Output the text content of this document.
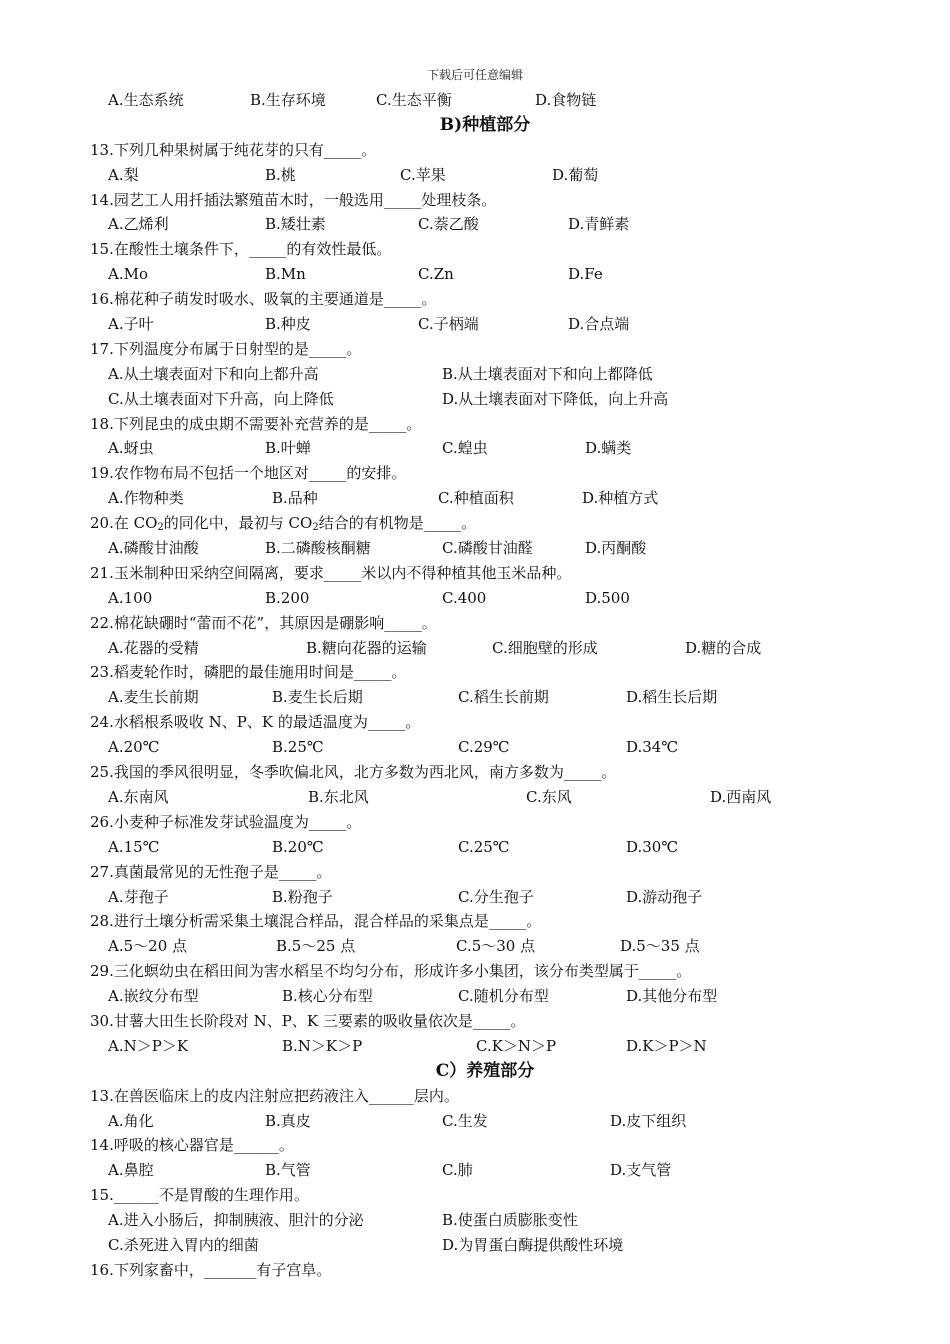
下载后可任意编辑
A.生态系统	B.生存环境	C.生态平衡	D.食物链
B)种植部分
13.下列几种果树属于纯花芽的只有_____。
A.梨	B.桃	C.苹果	D.葡萄
14.园艺工人用扦插法繁殖苗木时，一般选用_____处理枝条。
A.乙烯利	B.矮壮素	C.萘乙酸	D.青鲜素
15.在酸性土壤条件下，_____的有效性最低。
A.Mo	B.Mn	C.Zn	D.Fe
16.棉花种子萌发时吸水、吸氧的主要通道是_____。
A.子叶	B.种皮	C.子柄端	D.合点端
17.下列温度分布属于日射型的是_____。
A.从土壤表面对下和向上都升高	B.从土壤表面对下和向上都降低
C.从土壤表面对下升高，向上降低	D.从土壤表面对下降低，向上升高
18.下列昆虫的成虫期不需要补充营养的是_____。
A.蚜虫	B.叶蝉	C.蝗虫	D.螨类
19.农作物布局不包括一个地区对_____的安排。
A.作物种类	B.品种	C.种植面积	D.种植方式
20.在 $CO_2$的同化中，最初与 $CO_2$结合的有机物是_____。
A.磷酸甘油酸	B.二磷酸核酮糖	C.磷酸甘油醛	D.丙酮酸
21.玉米制种田采纳空间隔离，要求_____米以内不得种植其他玉米品种。
A.100	B.200	C.400	D.500
22.棉花缺硼时“蕾而不花”，其原因是硼影响_____。
A.花器的受精	B.糖向花器的运输	C.细胞壁的形成	D.糖的合成
23.稻麦轮作时，磷肥的最佳施用时间是_____。
A.麦生长前期	B.麦生长后期	C.稻生长前期	D.稻生长后期
24.水稻根系吸收 N、P、K 的最适温度为_____。
A.20℃	B.25℃	C.29℃	D.34℃
25.我国的季风很明显，冬季吹偏北风，北方多数为西北风，南方多数为_____。
A.东南风	B.东北风	C.东风	D.西南风
26.小麦种子标准发芽试验温度为_____。
A.15℃	B.20℃	C.25℃	D.30℃
27.真菌最常见的无性孢子是_____。
A.芽孢子	B.粉孢子	C.分生孢子	D.游动孢子
28.进行土壤分析需采集土壤混合样品，混合样品的采集点是_____。
A.5～20 点	B.5～25 点	C.5～30 点	D.5～35 点
29.三化螟幼虫在稻田间为害水稻呈不均匀分布，形成许多小集团，该分布类型属于_____。
A.嵌纹分布型	B.核心分布型	C.随机分布型	D.其他分布型
30.甘薯大田生长阶段对 N、P、K 三要素的吸收量依次是_____。
A.N＞P＞K	B.N＞K＞P	C.K＞N＞P	D.K＞P＞N
C）养殖部分
13.在兽医临床上的皮内注射应把药液注入______层内。
A.角化	B.真皮	C.生发	D.皮下组织
14.呼吸的核心器官是______。
A.鼻腔	B.气管	C.肺	D.支气管
15.______不是胃酸的生理作用。
A.进入小肠后，抑制胰液、胆汁的分泌	B.使蛋白质膨胀变性
C.杀死进入胃内的细菌	D.为胃蛋白酶提供酸性环境
16.下列家畜中，_______有子宫阜。
